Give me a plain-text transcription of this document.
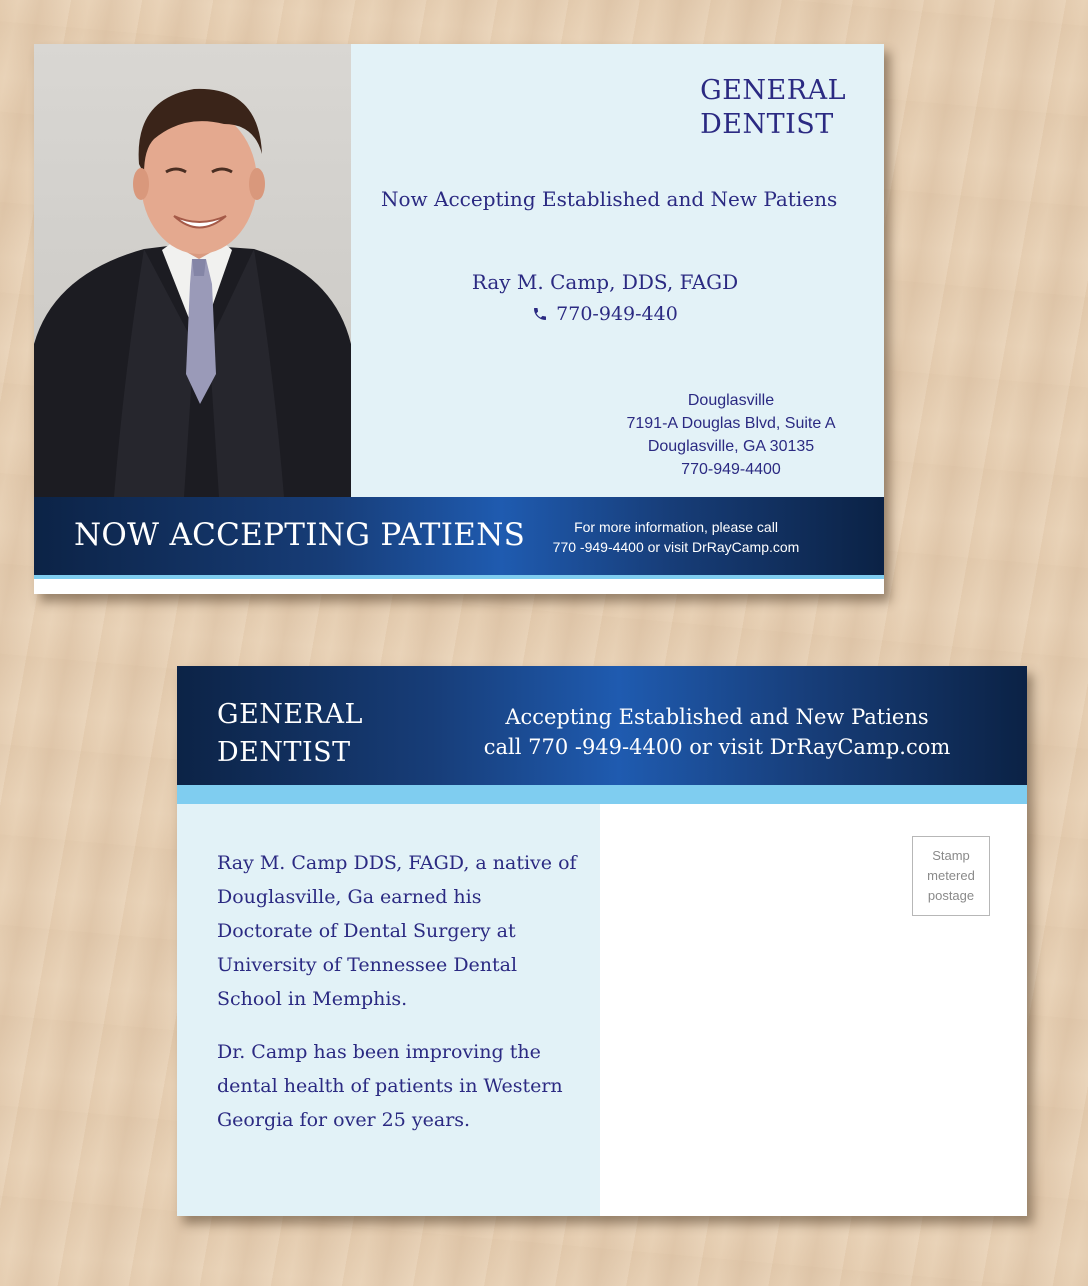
GENERAL
DENTIST
Now Accepting Established and New Patiens
Ray M. Camp, DDS, FAGD
770-949-440
Douglasville
7191-A Douglas Blvd, Suite A
Douglasville, GA 30135
770-949-4400
NOW ACCEPTING PATIENS	For more information, please call
770 -949-4400 or visit DrRayCamp.com
GENERAL
DENTIST
Accepting Established and New Patiens
call 770 -949-4400 or visit DrRayCamp.com

Ray M. Camp DDS, FAGD, a native of Douglasville, Ga earned his Doctorate of Dental Surgery at University of Tennessee Dental School in Memphis.

Dr. Camp has been improving the dental health of patients in Western Georgia for over 25 years.

Stamp
metered
postage
